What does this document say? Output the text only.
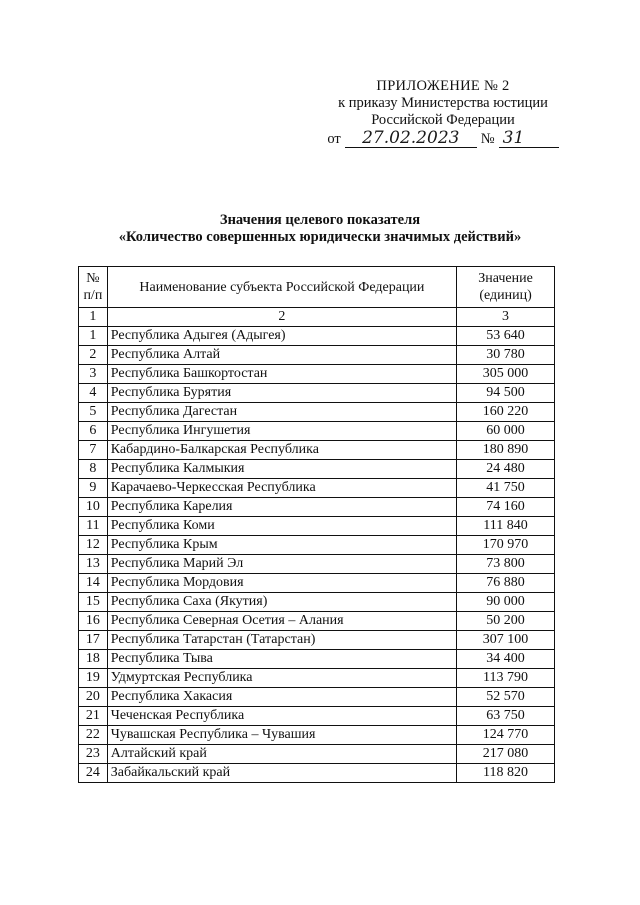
ПРИЛОЖЕНИЕ № 2
к приказу Министерства юстиции
Российской Федерации
от	27.02.2023	№ 31
Значения целевого показателя
«Количество совершенных юридически значимых действий»
№ п/п	Наименование субъекта Российской Федерации	Значение (единиц)
1	2	3
1	Республика Адыгея (Адыгея)	53 640
2	Республика Алтай	30 780
3	Республика Башкортостан	305 000
4	Республика Бурятия	94 500
5	Республика Дагестан	160 220
6	Республика Ингушетия	60 000
7	Кабардино-Балкарская Республика	180 890
8	Республика Калмыкия	24 480
9	Карачаево-Черкесская Республика	41 750
10	Республика Карелия	74 160
11	Республика Коми	111 840
12	Республика Крым	170 970
13	Республика Марий Эл	73 800
14	Республика Мордовия	76 880
15	Республика Саха (Якутия)	90 000
16	Республика Северная Осетия – Алания	50 200
17	Республика Татарстан (Татарстан)	307 100
18	Республика Тыва	34 400
19	Удмуртская Республика	113 790
20	Республика Хакасия	52 570
21	Чеченская Республика	63 750
22	Чувашская Республика – Чувашия	124 770
23	Алтайский край	217 080
24	Забайкальский край	118 820
